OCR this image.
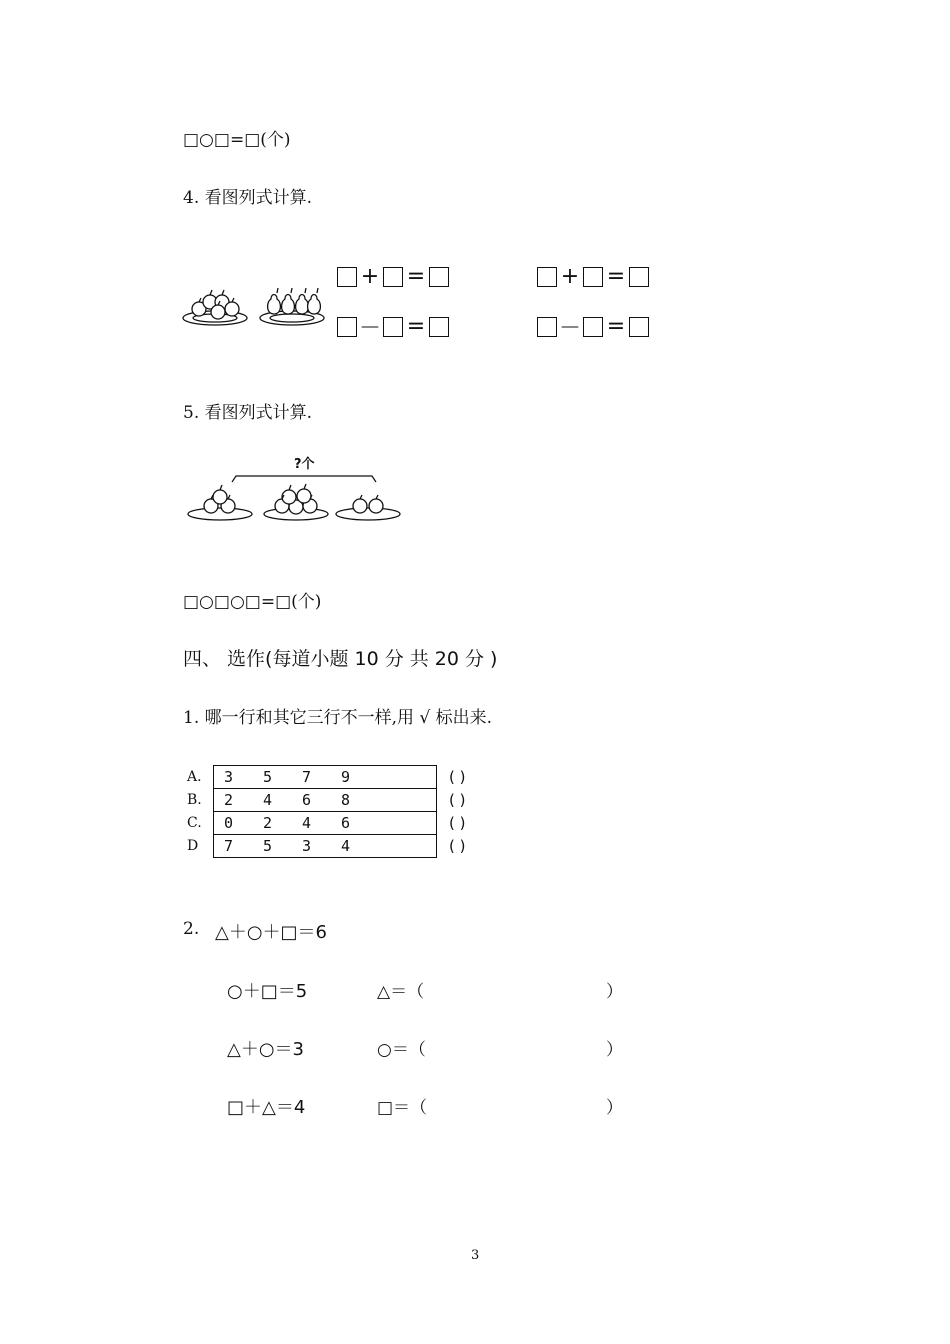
□○□=□(个)
4. 看图列式计算.
+ =	+ =
－ =	－ =
5. 看图列式计算.
?个
□○□○□=□(个)
四、 选作(每道小题 10 分 共 20 分 )
1. 哪一行和其它三行不一样,用 √ 标出来.
A.	3 5 7 9	( )
B.	2 4 6 8	( )
C.	0 2 4 6	( )
D	7 5 3 4	( )
2. △＋○＋□＝6
○＋□＝5	△＝（	）
△＋○＝3	○＝（	）
□＋△＝4	□＝（	）
3
